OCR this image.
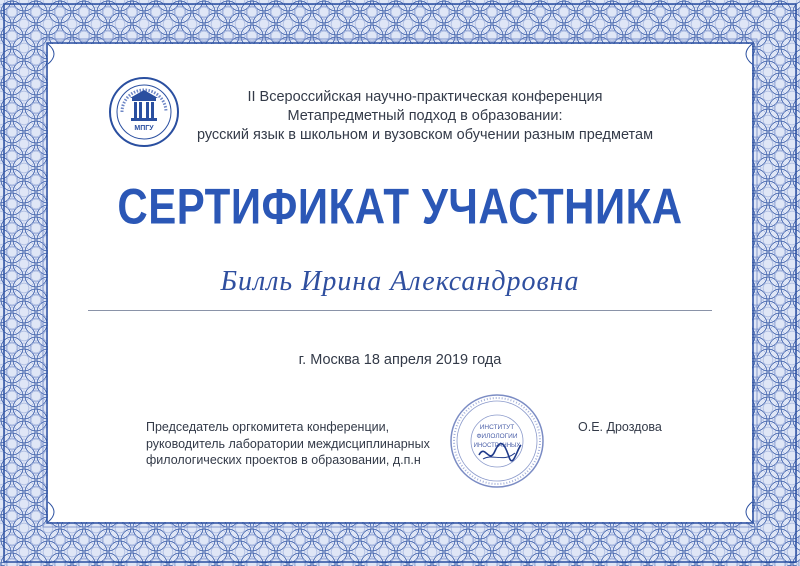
МПГУ
II Всероссийская научно-практическая конференция
Метапредметный подход в образовании:
русский язык в школьном и вузовском обучении разным предметам
СЕРТИФИКАТ УЧАСТНИКА
Билль Ирина Александровна
г. Москва 18 апреля 2019 года
Председатель оргкомитета конференции,
руководитель лаборатории междисциплинарных
филологических проектов в образовании, д.п.н
ИНСТИТУТ
ФИЛОЛОГИИ
ИНОСТРАННЫХ
О.Е. Дроздова
